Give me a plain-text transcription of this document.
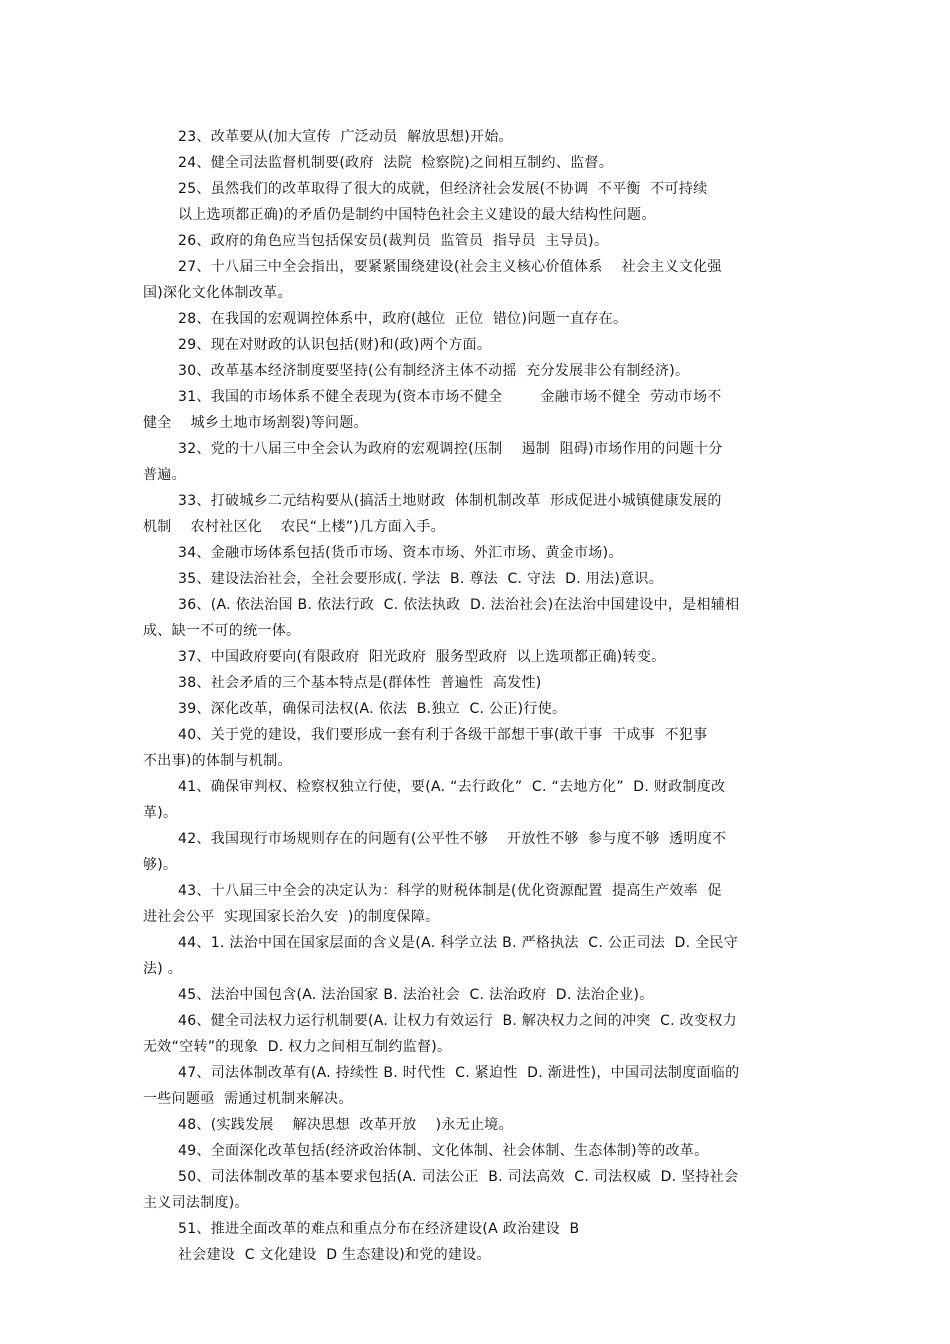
23、改革要从(加大宣传  广泛动员  解放思想)开始。

24、健全司法监督机制要(政府  法院  检察院)之间相互制约、监督。

25、虽然我们的改革取得了很大的成就，但经济社会发展(不协调  不平衡  不可持续
以上选项都正确)的矛盾仍是制约中国特色社会主义建设的最大结构性问题。

26、政府的角色应当包括保安员(裁判员  监管员  指导员  主导员)。

27、十八届三中全会指出，要紧紧围绕建设(社会主义核心价值体系    社会主义文化强
国)深化文化体制改革。

28、在我国的宏观调控体系中，政府(越位  正位  错位)问题一直存在。

29、现在对财政的认识包括(财)和(政)两个方面。

30、改革基本经济制度要坚持(公有制经济主体不动摇  充分发展非公有制经济)。

31、我国的市场体系不健全表现为(资本市场不健全        金融市场不健全  劳动市场不
健全    城乡土地市场割裂)等问题。

32、党的十八届三中全会认为政府的宏观调控(压制    遏制  阻碍)市场作用的问题十分
普遍。

33、打破城乡二元结构要从(搞活土地财政  体制机制改革  形成促进小城镇健康发展的
机制    农村社区化    农民“上楼”)几方面入手。

34、金融市场体系包括(货币市场、资本市场、外汇市场、黄金市场)。

35、建设法治社会，全社会要形成(. 学法  B. 尊法  C. 守法  D. 用法)意识。

36、(A. 依法治国 B. 依法行政  C. 依法执政  D. 法治社会)在法治中国建设中，是相辅相
成、缺一不可的统一体。

37、中国政府要向(有限政府  阳光政府  服务型政府  以上选项都正确)转变。

38、社会矛盾的三个基本特点是(群体性  普遍性  高发性)

39、深化改革，确保司法权(A. 依法  B.独立  C. 公正)行使。

40、关于党的建设，我们要形成一套有利于各级干部想干事(敢干事  干成事  不犯事
不出事)的体制与机制。

41、确保审判权、检察权独立行使，要(A. “去行政化”  C. “去地方化”  D. 财政制度改
革)。

42、我国现行市场规则存在的问题有(公平性不够    开放性不够  参与度不够  透明度不
够)。

43、十八届三中全会的决定认为：科学的财税体制是(优化资源配置  提高生产效率  促
进社会公平  实现国家长治久安  )的制度保障。

44、1. 法治中国在国家层面的含义是(A. 科学立法 B. 严格执法  C. 公正司法  D. 全民守
法) 。

45、法治中国包含(A. 法治国家 B. 法治社会  C. 法治政府  D. 法治企业)。

46、健全司法权力运行机制要(A. 让权力有效运行  B. 解决权力之间的冲突  C. 改变权力
无效“空转”的现象  D. 权力之间相互制约监督)。

47、司法体制改革有(A. 持续性 B. 时代性  C. 紧迫性  D. 渐进性)，中国司法制度面临的
一些问题亟  需通过机制来解决。

48、(实践发展    解决思想  改革开放    )永无止境。

49、全面深化改革包括(经济政治体制、文化体制、社会体制、生态体制)等的改革。

50、司法体制改革的基本要求包括(A. 司法公正  B. 司法高效  C. 司法权威  D. 坚持社会
主义司法制度)。

51、推进全面改革的难点和重点分布在经济建设(A 政治建设  B
社会建设  C 文化建设  D 生态建设)和党的建设。
